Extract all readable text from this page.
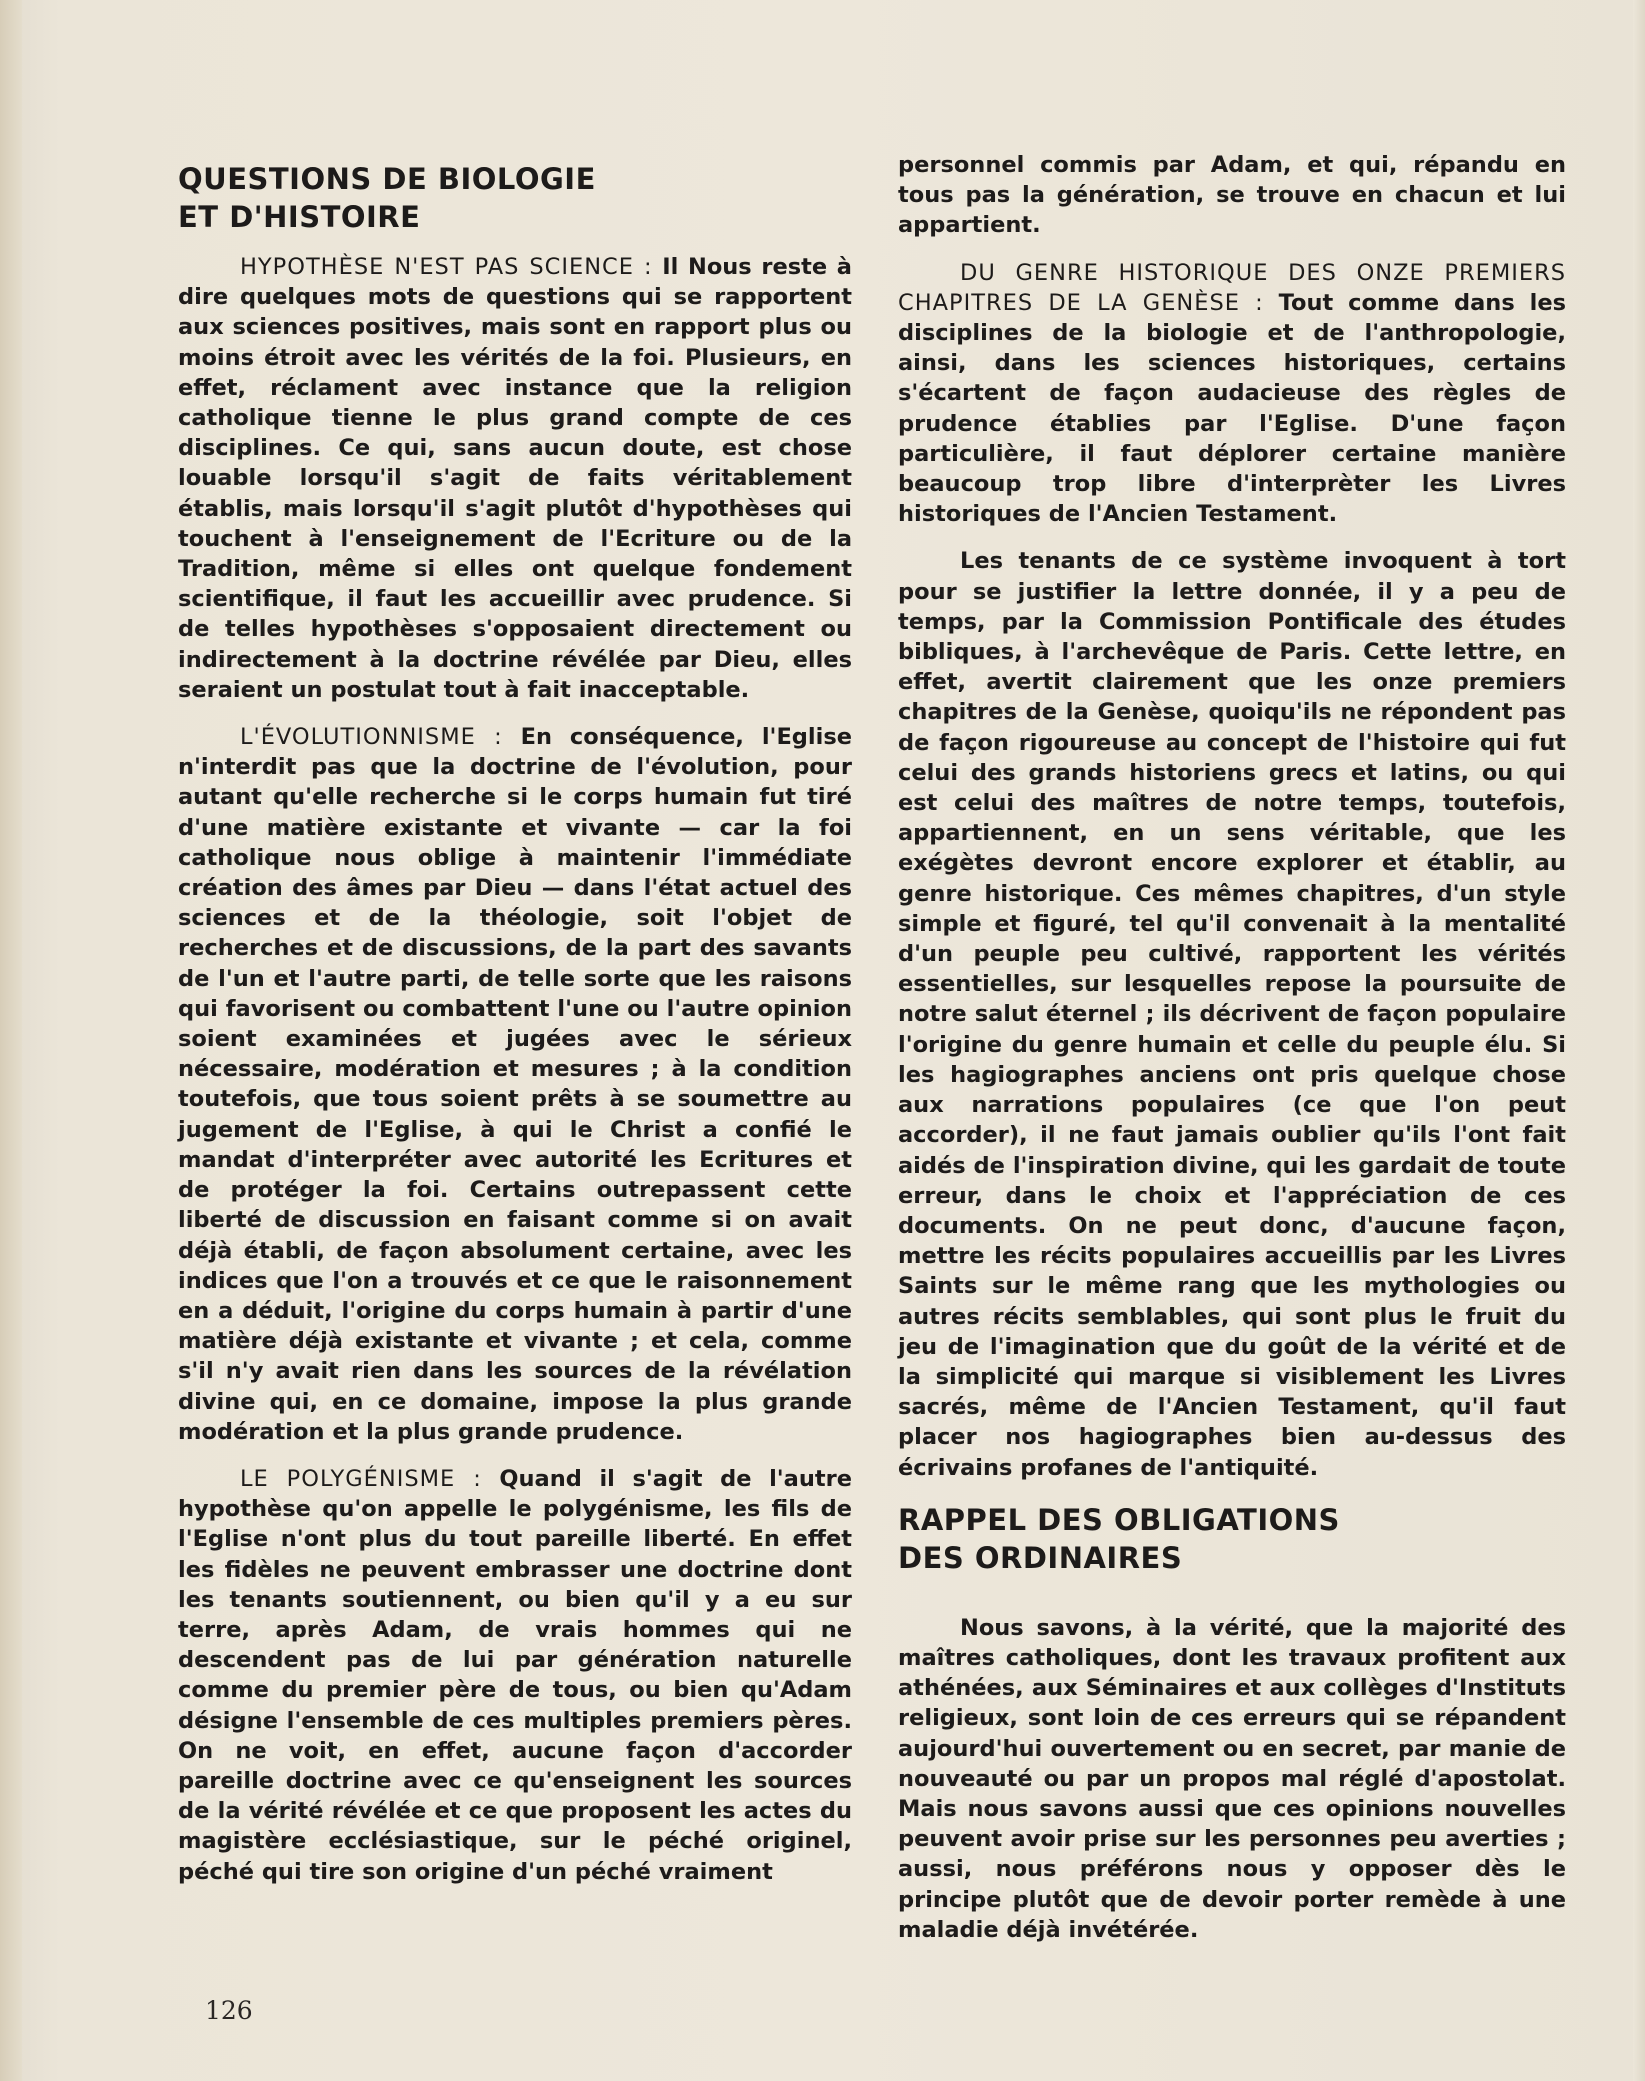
QUESTIONS DE BIOLOGIE
ET D'HISTOIRE

HYPOTHÈSE N'EST PAS SCIENCE : Il Nous reste à dire quelques mots de questions qui se rapportent aux sciences positives, mais sont en rapport plus ou moins étroit avec les vérités de la foi. Plusieurs, en effet, réclament avec instance que la religion catholique tienne le plus grand compte de ces disciplines. Ce qui, sans aucun doute, est chose louable lorsqu'il s'agit de faits véritablement établis, mais lorsqu'il s'agit plutôt d'hypothèses qui touchent à l'enseignement de l'Ecriture ou de la Tradition, même si elles ont quelque fondement scientifique, il faut les accueillir avec prudence. Si de telles hypothèses s'opposaient directement ou indirectement à la doctrine révélée par Dieu, elles seraient un postulat tout à fait inacceptable.

L'ÉVOLUTIONNISME : En conséquence, l'Eglise n'interdit pas que la doctrine de l'évolution, pour autant qu'elle recherche si le corps humain fut tiré d'une matière existante et vivante — car la foi catholique nous oblige à maintenir l'immédiate création des âmes par Dieu — dans l'état actuel des sciences et de la théologie, soit l'objet de recherches et de discussions, de la part des savants de l'un et l'autre parti, de telle sorte que les raisons qui favorisent ou combattent l'une ou l'autre opinion soient examinées et jugées avec le sérieux nécessaire, modération et mesures ; à la condition toutefois, que tous soient prêts à se soumettre au jugement de l'Eglise, à qui le Christ a confié le mandat d'interpréter avec autorité les Ecritures et de protéger la foi. Certains outrepassent cette liberté de discussion en faisant comme si on avait déjà établi, de façon absolument certaine, avec les indices que l'on a trouvés et ce que le raisonnement en a déduit, l'origine du corps humain à partir d'une matière déjà existante et vivante ; et cela, comme s'il n'y avait rien dans les sources de la révélation divine qui, en ce domaine, impose la plus grande modération et la plus grande prudence.

LE POLYGÉNISME : Quand il s'agit de l'autre hypothèse qu'on appelle le polygénisme, les fils de l'Eglise n'ont plus du tout pareille liberté. En effet les fidèles ne peuvent embrasser une doctrine dont les tenants soutiennent, ou bien qu'il y a eu sur terre, après Adam, de vrais hommes qui ne descendent pas de lui par génération naturelle comme du premier père de tous, ou bien qu'Adam désigne l'ensemble de ces multiples premiers pères. On ne voit, en effet, aucune façon d'accorder pareille doctrine avec ce qu'enseignent les sources de la vérité révélée et ce que proposent les actes du magistère ecclésiastique, sur le péché originel, péché qui tire son origine d'un péché vraiment

personnel commis par Adam, et qui, répandu en tous pas la génération, se trouve en chacun et lui appartient.

DU GENRE HISTORIQUE DES ONZE PREMIERS CHAPITRES DE LA GENÈSE : Tout comme dans les disciplines de la biologie et de l'anthropologie, ainsi, dans les sciences historiques, certains s'écartent de façon audacieuse des règles de prudence établies par l'Eglise. D'une façon particulière, il faut déplorer certaine manière beaucoup trop libre d'interprèter les Livres historiques de l'Ancien Testament.

Les tenants de ce système invoquent à tort pour se justifier la lettre donnée, il y a peu de temps, par la Commission Pontificale des études bibliques, à l'archevêque de Paris. Cette lettre, en effet, avertit clairement que les onze premiers chapitres de la Genèse, quoiqu'ils ne répondent pas de façon rigoureuse au concept de l'histoire qui fut celui des grands historiens grecs et latins, ou qui est celui des maîtres de notre temps, toutefois, appartiennent, en un sens véritable, que les exégètes devront encore explorer et établir, au genre historique. Ces mêmes chapitres, d'un style simple et figuré, tel qu'il convenait à la mentalité d'un peuple peu cultivé, rapportent les vérités essentielles, sur lesquelles repose la poursuite de notre salut éternel ; ils décrivent de façon populaire l'origine du genre humain et celle du peuple élu. Si les hagiographes anciens ont pris quelque chose aux narrations populaires (ce que l'on peut accorder), il ne faut jamais oublier qu'ils l'ont fait aidés de l'inspiration divine, qui les gardait de toute erreur, dans le choix et l'appréciation de ces documents. On ne peut donc, d'aucune façon, mettre les récits populaires accueillis par les Livres Saints sur le même rang que les mythologies ou autres récits semblables, qui sont plus le fruit du jeu de l'imagination que du goût de la vérité et de la simplicité qui marque si visiblement les Livres sacrés, même de l'Ancien Testament, qu'il faut placer nos hagiographes bien au-dessus des écrivains profanes de l'antiquité.

RAPPEL DES OBLIGATIONS
DES ORDINAIRES

Nous savons, à la vérité, que la majorité des maîtres catholiques, dont les travaux profitent aux athénées, aux Séminaires et aux collèges d'Instituts religieux, sont loin de ces erreurs qui se répandent aujourd'hui ouvertement ou en secret, par manie de nouveauté ou par un propos mal réglé d'apostolat. Mais nous savons aussi que ces opinions nouvelles peuvent avoir prise sur les personnes peu averties ; aussi, nous préférons nous y opposer dès le principe plutôt que de devoir porter remède à une maladie déjà invétérée.

126
